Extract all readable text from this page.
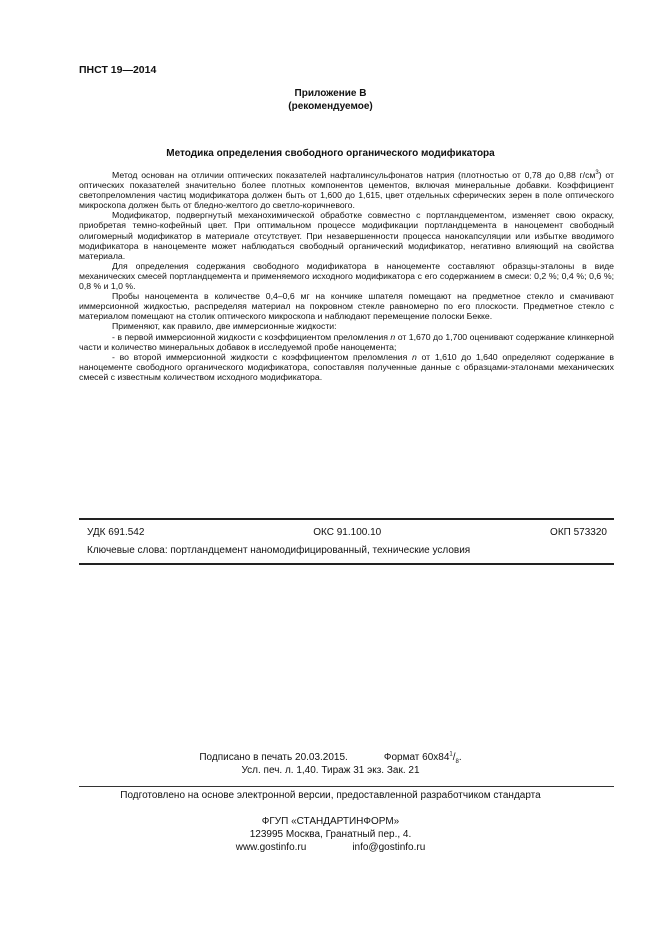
ПНСТ 19—2014
Приложение В
(рекомендуемое)
Методика определения свободного органического модификатора

Метод основан на отличии оптических показателей нафталинсульфонатов натрия (плотностью от 0,78 до 0,88 $г/см^3$) от оптических показателей значительно более плотных компонентов цементов, включая минеральные добавки. Коэффициент светопреломления частиц модификатора должен быть от 1,600 до 1,615, цвет отдельных сферических зерен в поле оптического микроскопа должен быть от бледно-желтого до светло-коричневого.

Модификатор, подвергнутый механохимической обработке совместно с портландцементом, изменяет свою окраску, приобретая темно-кофейный цвет. При оптимальном процессе модификации портландцемента в наноцемент свободный олигомерный модификатор в материале отсутствует. При незавершенности процесса нанокапсуляции или избытке вводимого модификатора в наноцементе может наблюдаться свободный органический модификатор, негативно влияющий на свойства материала.

Для определения содержания свободного модификатора в наноцементе составляют образцы-эталоны в виде механических смесей портландцемента и применяемого исходного модификатора с его содержанием в смеси: 0,2 %; 0,4 %; 0,6 %; 0,8 % и 1,0 %.

Пробы наноцемента в количестве 0,4–0,6 мг на кончике шпателя помещают на предметное стекло и смачивают иммерсионной жидкостью, распределяя материал на покровном стекле равномерно по его плоскости. Предметное стекло с материалом помещают на столик оптического микроскопа и наблюдают перемещение полоски Бекке.

Применяют, как правило, две иммерсионные жидкости:

- в первой иммерсионной жидкости с коэффициентом преломления n от 1,670 до 1,700 оценивают содержание клинкерной части и количество минеральных добавок в исследуемой пробе наноцемента;

- во второй иммерсионной жидкости с коэффициентом преломления n от 1,610 до 1,640 определяют содержание в наноцементе свободного органического модификатора, сопоставляя полученные данные с образцами-эталонами механических смесей с известным количеством исходного модификатора.

УДК 691.542	ОКС 91.100.10	ОКП 573320
Ключевые слова: портландцемент наномодифицированный, технические условия
Подписано в печать 20.03.2015.	Формат $60x84^1/_8$.
Усл. печ. л. 1,40. Тираж 31 экз. Зак. 21
Подготовлено на основе электронной версии, предоставленной разработчиком стандарта
ФГУП «СТАНДАРТИНФОРМ»
123995 Москва, Гранатный пер., 4.
www.gostinfo.ru	info@gostinfo.ru
